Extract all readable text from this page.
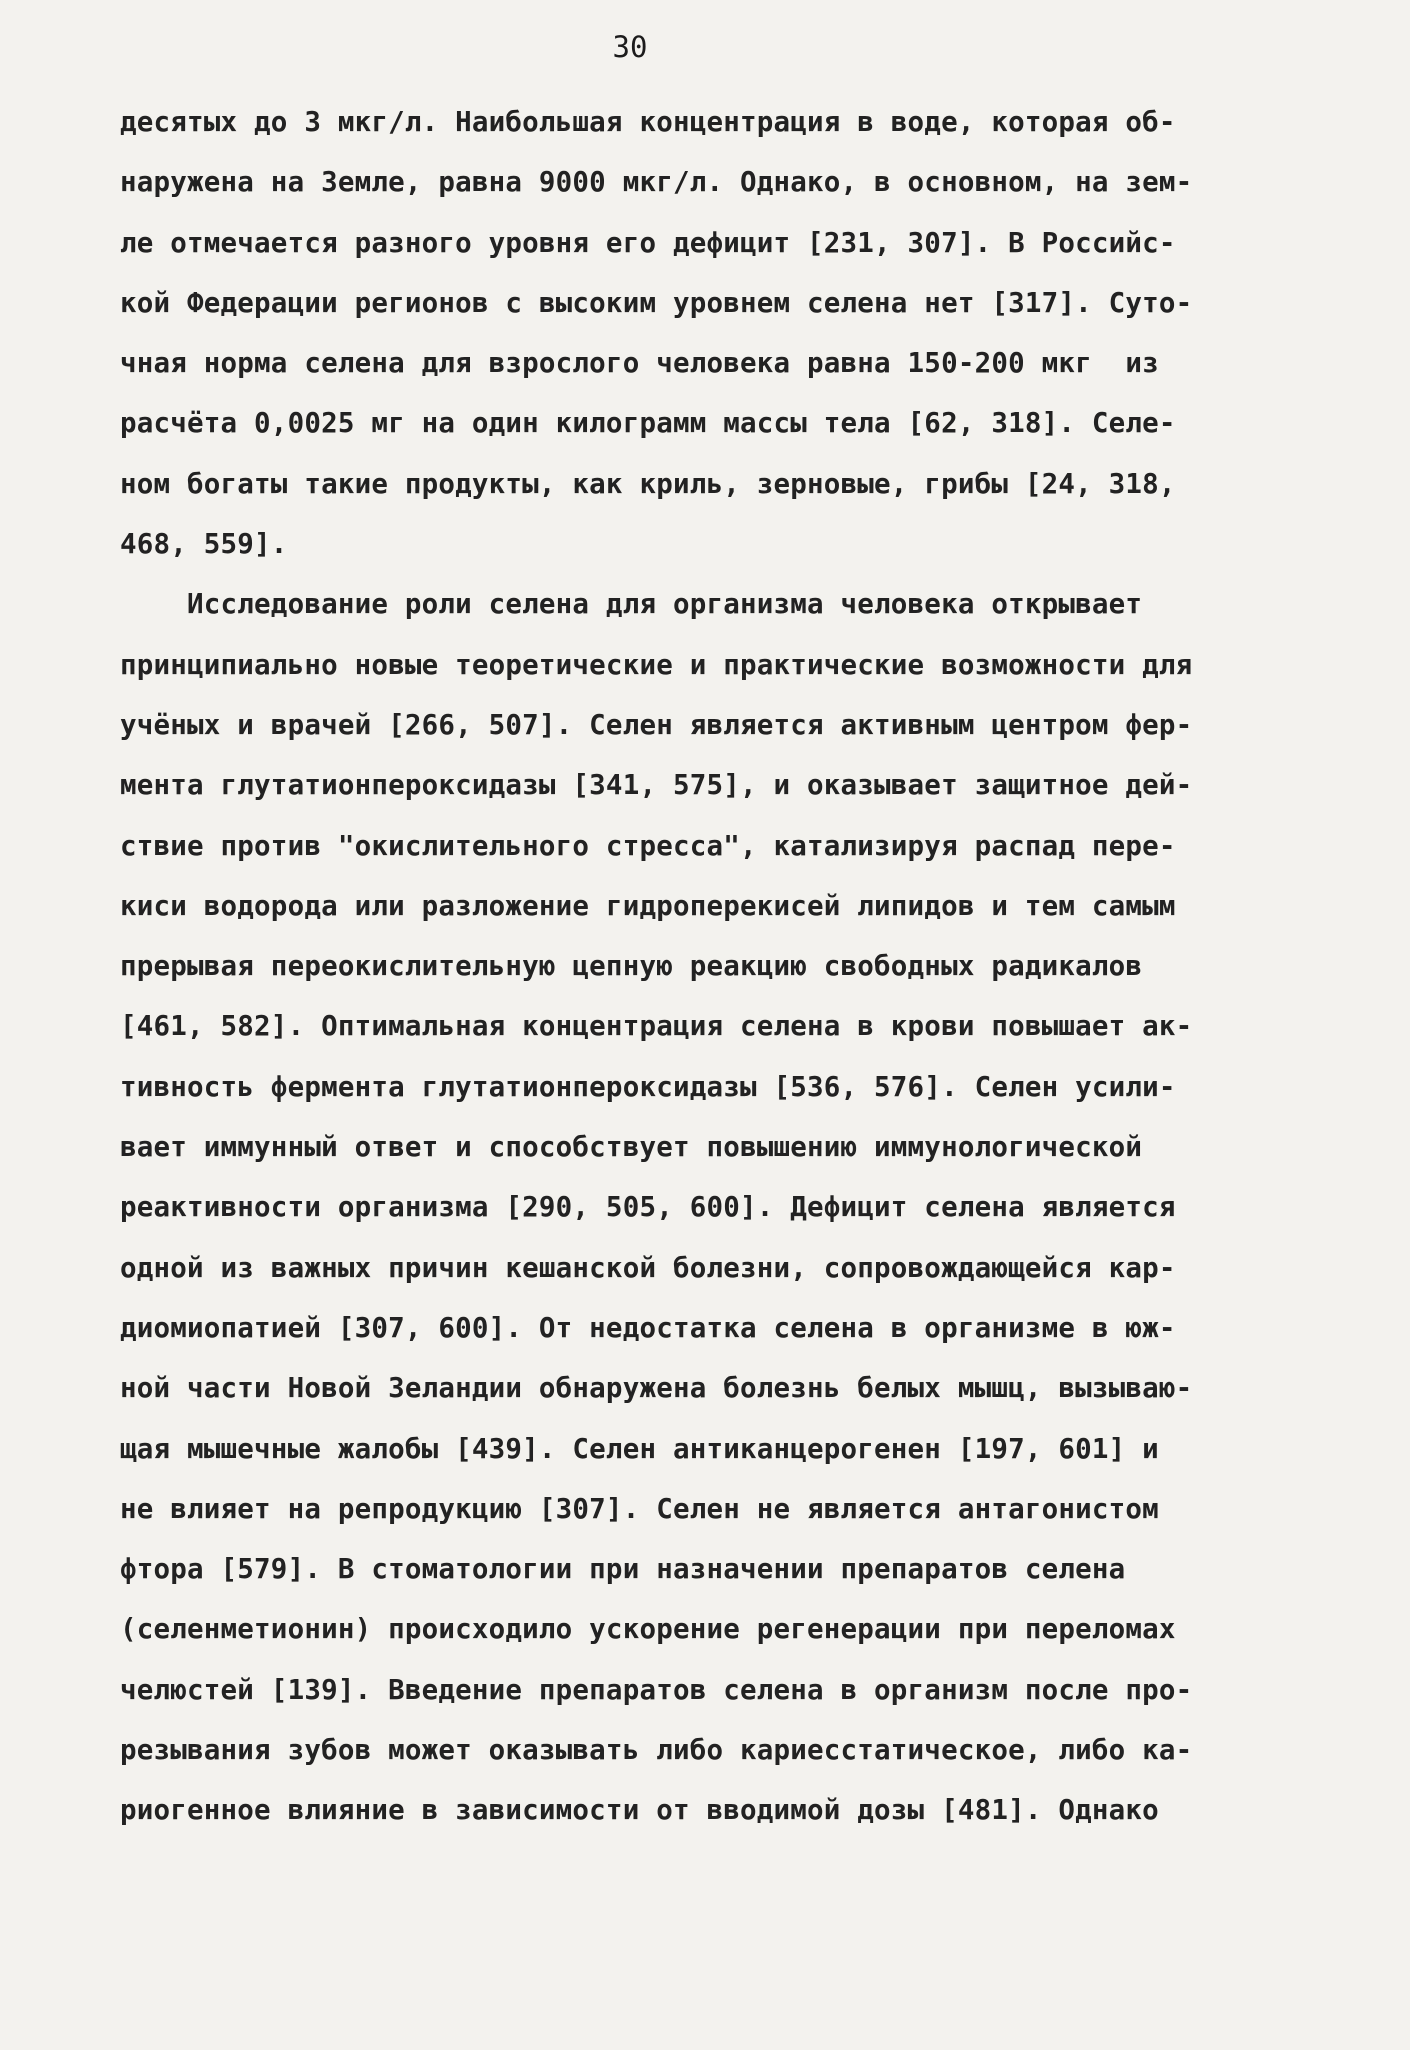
30
десятых до 3 мкг/л. Наибольшая концентрация в воде, которая об-
наружена на Земле, равна 9000 мкг/л. Однако, в основном, на зем-
ле отмечается разного уровня его дефицит [231, 307]. В Российс-
кой Федерации регионов с высоким уровнем селена нет [317]. Суто-
чная норма селена для взрослого человека равна 150-200 мкг  из
расчёта 0,0025 мг на один килограмм массы тела [62, 318]. Селе-
ном богаты такие продукты, как криль, зерновые, грибы [24, 318,
468, 559].
Исследование роли селена для организма человека открывает
принципиально новые теоретические и практические возможности для
учёных и врачей [266, 507]. Селен является активным центром фер-
мента глутатионпероксидазы [341, 575], и оказывает защитное дей-
ствие против "окислительного стресса", катализируя распад пере-
киси водорода или разложение гидроперекисей липидов и тем самым
прерывая переокислительную цепную реакцию свободных радикалов
[461, 582]. Оптимальная концентрация селена в крови повышает ак-
тивность фермента глутатионпероксидазы [536, 576]. Селен усили-
вает иммунный ответ и способствует повышению иммунологической
реактивности организма [290, 505, 600]. Дефицит селена является
одной из важных причин кешанской болезни, сопровождающейся кар-
диомиопатией [307, 600]. От недостатка селена в организме в юж-
ной части Новой Зеландии обнаружена болезнь белых мышц, вызываю-
щая мышечные жалобы [439]. Селен антиканцерогенен [197, 601] и
не влияет на репродукцию [307]. Селен не является антагонистом
фтора [579]. В стоматологии при назначении препаратов селена
(селенметионин) происходило ускорение регенерации при переломах
челюстей [139]. Введение препаратов селена в организм после про-
резывания зубов может оказывать либо кариесстатическое, либо ка-
риогенное влияние в зависимости от вводимой дозы [481]. Однако
